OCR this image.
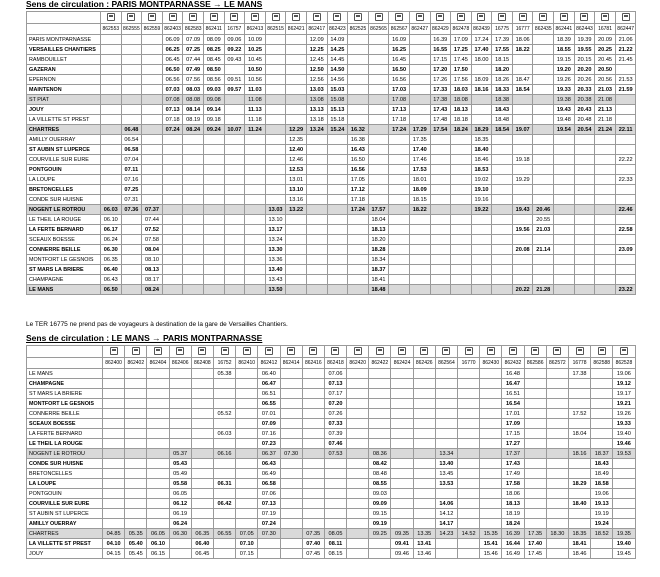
Sens de circulation : PARIS MONTPARNASSE → LE MANS

	862553	862555	862559	862403	862583	862411	16757	862413	862515	862421	862417	862423	862525	862565	862567	862427	862429	862478	862439	16775	16777	862435	862441	862443	16781	862447
PARIS MONTPARNASSE				06.09	07.09	08.09	09.06	10.09			12.09	14.09			16.09		16.39	17.09	17.24	17.39	18.06		18.39	19.39	20.09	21.06
VERSAILLES CHANTIERS				06.25	07.25	08.25	09.22	10.25			12.25	14.25			16.25		16.55	17.25	17.40	17.55	18.22		18.55	19.55	20.25	21.22
RAMBOUILLET				06.45	07.44	08.45	09.43	10.45			12.45	14.45			16.45		17.15	17.45	18.00	18.15			19.15	20.15	20.45	21.45
GAZERAN				06.50	07.49	08.50		10.50			12.50	14.50			16.50		17.20	17.50		18.20			19.20	20.20	20.50	
EPERNON				06.56	07.56	08.56	09.51	10.56			12.56	14.56			16.56		17.26	17.56	18.09	18.26	18.47		19.26	20.26	20.56	21.53
MAINTENON				07.03	08.03	09.03	09.57	11.03			13.03	15.03			17.03		17.33	18.03	18.16	18.33	18.54		19.33	20.33	21.03	21.59
ST PIAT				07.08	08.08	09.08		11.08			13.08	15.08			17.08		17.38	18.08		18.38			19.38	20.38	21.08	
JOUY				07.13	08.14	09.14		11.13			13.13	15.13			17.13		17.43	18.13		18.43			19.43	20.43	21.13	
LA VILLETTE ST PREST				07.18	08.19	09.18		11.18			13.18	15.18			17.18		17.48	18.18		18.48			19.48	20.48	21.18	
CHARTRES		06.48		07.24	08.24	09.24	10.07	11.24		12.29	13.24	15.24	16.32		17.24	17.29	17.54	18.24	18.29	18.54	19.07		19.54	20.54	21.24	22.11
AMILLY OUERRAY		06.54								12.35			16.38			17.35			18.35							
ST AUBIN ST LUPERCE		06.58								12.40			16.43			17.40			18.40							
COURVILLE SUR EURE		07.04								12.46			16.50			17.46			18.46		19.18					22.22
PONTGOUIN		07.11								12.53			16.56			17.53			18.53							
LA LOUPE		07.16								13.01			17.05			18.01			19.02		19.29					22.33
BRETONCELLES		07.25								13.10			17.12			18.09			19.10							
CONDE SUR HUISNE		07.31								13.16			17.18			18.15			19.16							
NOGENT LE ROTROU	06.03	07.36	07.37						13.03	13.22			17.24	17.57		18.22			19.22		19.43	20.46				22.46
LE THEIL LA ROUGE	06.10		07.44						13.10					18.04								20.55				
LA FERTE BERNARD	06.17		07.52						13.17					18.13							19.56	21.03				22.58
SCEAUX BOESSE	06.24		07.58						13.24					18.20												
CONNERRE BEILLE	06.30		08.04						13.30					18.28							20.08	21.14				23.09
MONTFORT LE GESNOIS	06.35		08.10						13.36					18.34												
ST MARS LA BRIERE	06.40		08.13						13.40					18.37												
CHAMPAGNE	06.43		08.17						13.43					18.41												
LE MANS	06.50		08.24						13.50					18.48							20.22	21.28				23.22
Le TER 16775 ne prend pas de voyageurs à destination de la gare de Versailles Chantiers.
Sens de circulation : LE MANS → PARIS MONTPARNASSE

	862400	862402	862404	862406	862408	16752	862410	862412	862414	862416	862418	862420	862422	862424	862426	862564	16770	862430	862432	862586	862572	16778	862588	862528
LE MANS						05.38		06.40			07.06								16.48			17.38		19.06
CHAMPAGNE								06.47			07.13								16.47					19.12
ST MARS LA BRIERE								06.51			07.17								16.51					19.17
MONTFORT LE GESNOIS								06.55			07.20								16.54					19.21
CONNERRE BEILLE						05.52		07.01			07.26								17.01			17.52		19.26
SCEAUX BOESSE								07.09			07.33								17.09					19.33
LA FERTE BERNARD						06.03		07.16			07.39								17.15			18.04		19.40
LE THEIL LA ROUGE								07.23			07.46								17.27					19.46
NOGENT LE ROTROU				05.37		06.16		06.37	07.30		07.53		08.36			13.34			17.37			18.16	18.37	19.53
CONDE SUR HUISNE				05.43				06.43					08.42			13.40			17.43				18.43	
BRETONCELLES				05.49				06.49					08.48			13.45			17.49				18.49	
LA LOUPE				05.58		06.31		06.58					08.55			13.53			17.58			18.29	18.58	
PONTGOUIN				06.05				07.06					09.03						18.06				19.06	
COURVILLE SUR EURE				06.12		06.42		07.13					09.09			14.06			18.13			18.40	19.13	
ST AUBIN ST LUPERCE				06.19				07.19					09.15			14.12			18.19				19.19	
AMILLY OUERRAY				06.24				07.24					09.19			14.17			18.24				19.24	
CHARTRES	04.85	05.35	06.05	06.30	06.35	06.55	07.05	07.30		07.35	08.05		09.25	09.35	13.35	14.23	14.52	15.35	16.39	17.35	18.30	18.35	18.52	19.35
LA VILLETTE ST PREST	04.10	05.40	06.10		06.40		07.10			07.40	08.11			09.41	13.41			15.41	16.44	17.40		18.41		19.40
JOUY	04.15	05.45	06.15		06.45		07.15			07.45	08.15			09.46	13.46			15.46	16.49	17.45		18.46		19.45
